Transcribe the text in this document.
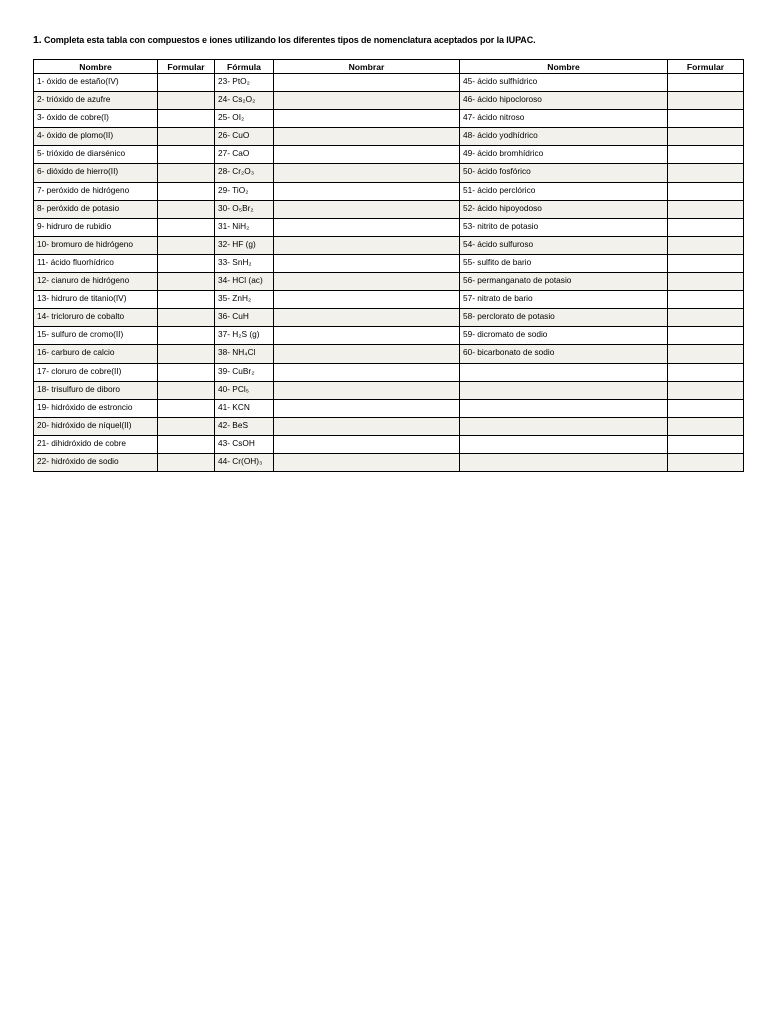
1. Completa esta tabla con compuestos e iones utilizando los diferentes tipos de nomenclatura aceptados por la IUPAC.
Nombre	Formular	Fórmula	Nombrar	Nombre	Formular
1- óxido de estaño(IV)		23- PtO₂		45- ácido sulfhídrico	
2- trióxido de azufre		24- Cs₂O₂		46- ácido hipocloroso	
3- óxido de cobre(I)		25- OI₂		47- ácido nitroso	
4- óxido de plomo(II)		26- CuO		48- ácido yodhídrico	
5- trióxido de diarsénico		27- CaO		49- ácido bromhídrico	
6- dióxido de hierro(II)		28- Cr₂O₃		50- ácido fosfórico	
7- peróxido de hidrógeno		29- TiO₂		51- ácido perclórico	
8- peróxido de potasio		30- O₅Br₂		52- ácido hipoyodoso	
9- hidruro de rubidio		31- NiH₂		53- nitrito de potasio	
10- bromuro de hidrógeno		32- HF (g)		54- ácido sulfuroso	
11- ácido fluorhídrico		33- SnH₂		55- sulfito de bario	
12- cianuro de hidrógeno		34- HCl (ac)		56- permanganato de potasio	
13- hidruro de titanio(IV)		35- ZnH₂		57- nitrato de bario	
14- tricloruro de cobalto		36- CuH		58- perclorato de potasio	
15- sulfuro de cromo(II)		37- H₂S (g)		59- dicromato de sodio	
16- carburo de calcio		38- NH₄Cl		60- bicarbonato de sodio	
17- cloruro de cobre(II)		39- CuBr₂			
18- trisulfuro de diboro		40- PCl₅			
19- hidróxido de estroncio		41- KCN			
20- hidróxido de níquel(II)		42- BeS			
21- dihidróxido de cobre		43- CsOH			
22- hidróxido de sodio		44- Cr(OH)₃			
